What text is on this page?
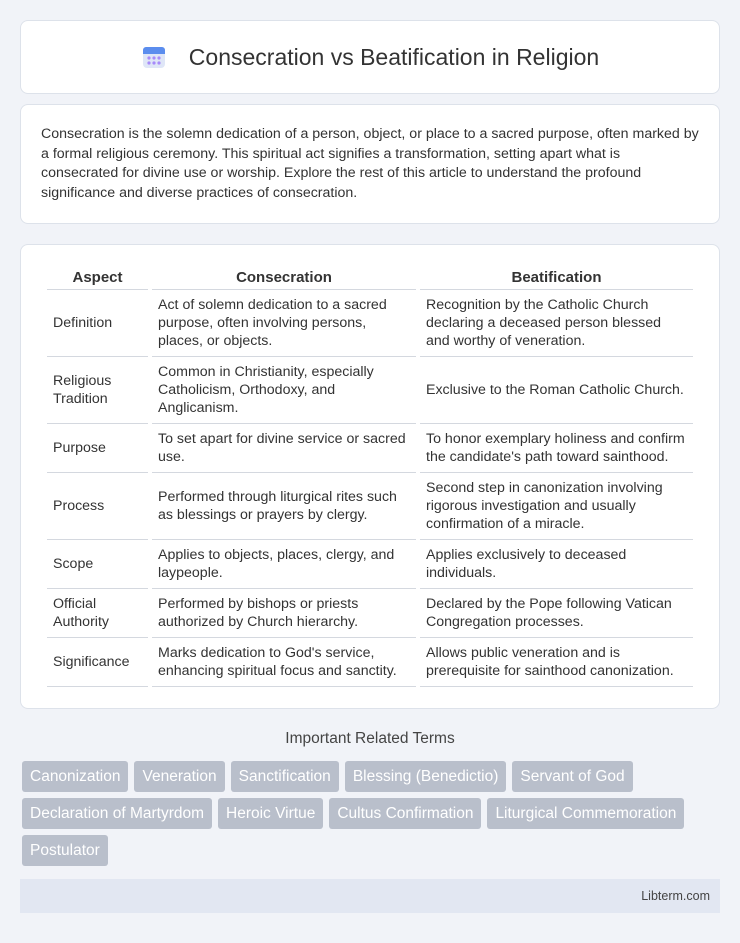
Consecration vs Beatification in Religion

Consecration is the solemn dedication of a person, object, or place to a sacred purpose, often marked by a formal religious ceremony. This spiritual act signifies a transformation, setting apart what is consecrated for divine use or worship. Explore the rest of this article to understand the profound significance and diverse practices of consecration.

Aspect	Consecration	Beatification
Definition	Act of solemn dedication to a sacred purpose, often involving persons, places, or objects.	Recognition by the Catholic Church declaring a deceased person blessed and worthy of veneration.
Religious Tradition	Common in Christianity, especially Catholicism, Orthodoxy, and Anglicanism.	Exclusive to the Roman Catholic Church.
Purpose	To set apart for divine service or sacred use.	To honor exemplary holiness and confirm the candidate's path toward sainthood.
Process	Performed through liturgical rites such as blessings or prayers by clergy.	Second step in canonization involving rigorous investigation and usually confirmation of a miracle.
Scope	Applies to objects, places, clergy, and laypeople.	Applies exclusively to deceased individuals.
Official Authority	Performed by bishops or priests authorized by Church hierarchy.	Declared by the Pope following Vatican Congregation processes.
Significance	Marks dedication to God's service, enhancing spiritual focus and sanctity.	Allows public veneration and is prerequisite for sainthood canonization.
Important Related Terms
Canonization	Veneration	Sanctification	Blessing (Benedictio)	Servant of God
Declaration of Martyrdom	Heroic Virtue	Cultus Confirmation	Liturgical Commemoration
Postulator
Libterm.com
